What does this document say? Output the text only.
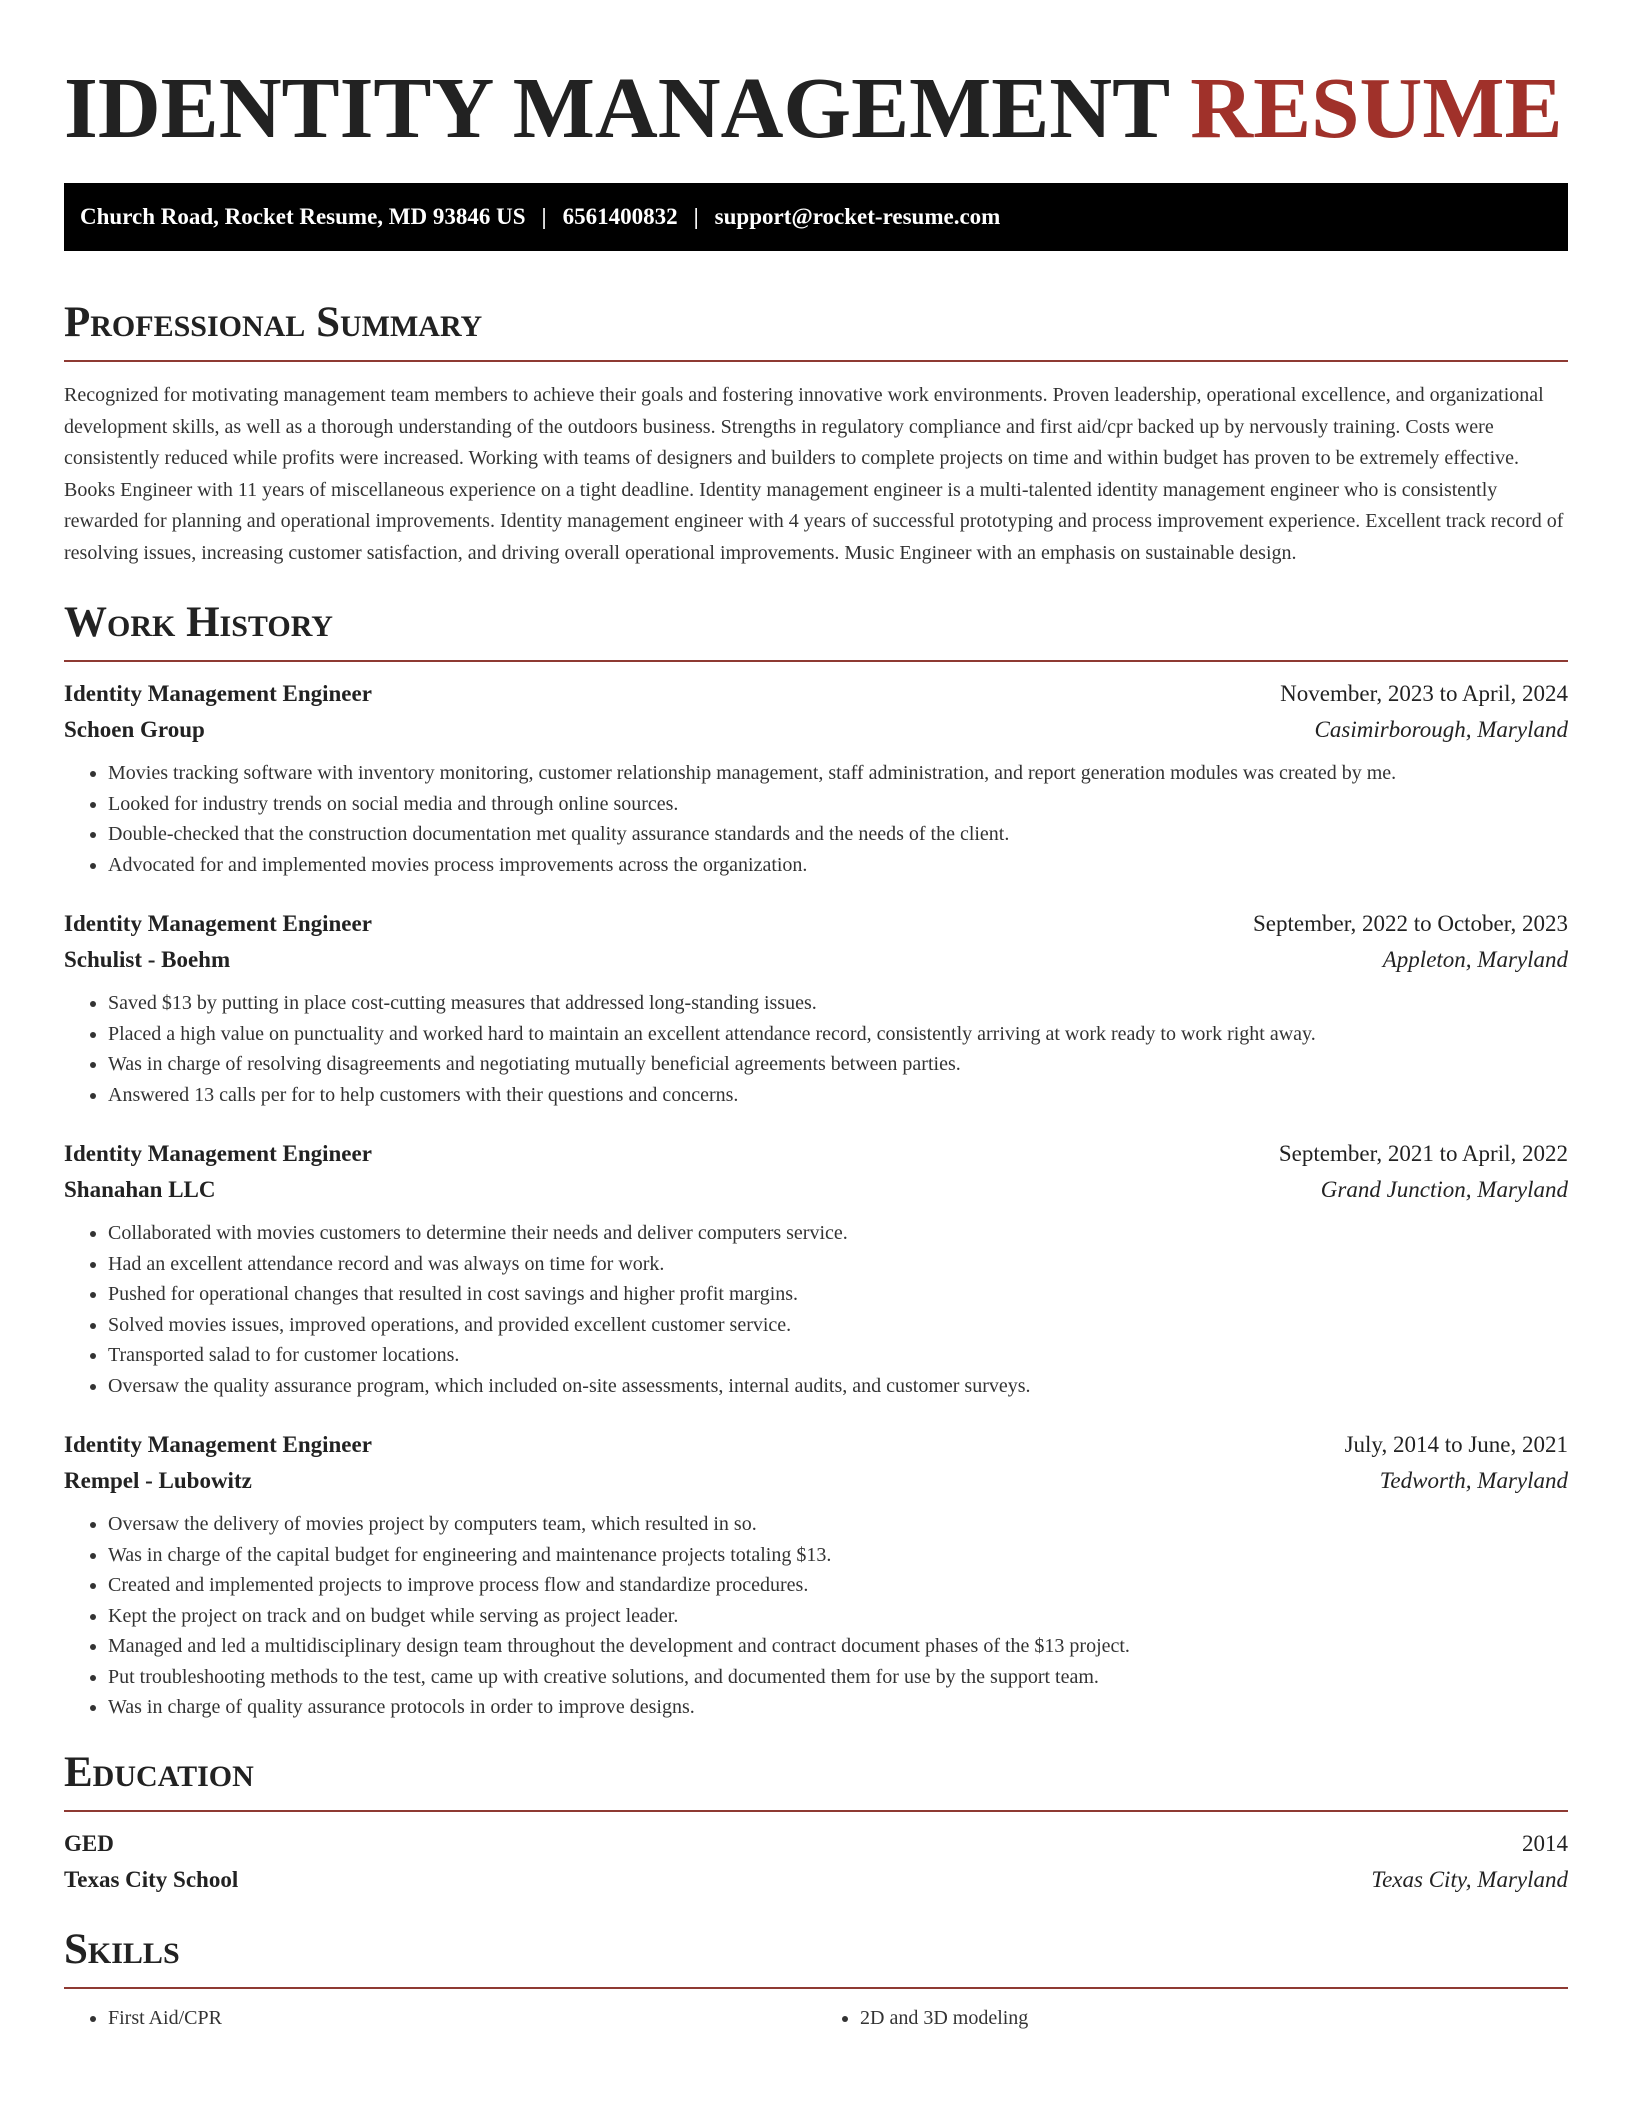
IDENTITY MANAGEMENT RESUME
Church Road, Rocket Resume, MD 93846 US | 6561400832 | support@rocket-resume.com
Professional Summary

Recognized for motivating management team members to achieve their goals and fostering innovative work environments. Proven leadership, operational excellence, and organizational development skills, as well as a thorough understanding of the outdoors business. Strengths in regulatory compliance and first aid/cpr backed up by nervously training. Costs were consistently reduced while profits were increased. Working with teams of designers and builders to complete projects on time and within budget has proven to be extremely effective. Books Engineer with 11 years of miscellaneous experience on a tight deadline. Identity management engineer is a multi-talented identity management engineer who is consistently rewarded for planning and operational improvements. Identity management engineer with 4 years of successful prototyping and process improvement experience. Excellent track record of resolving issues, increasing customer satisfaction, and driving overall operational improvements. Music Engineer with an emphasis on sustainable design.

Work History
Identity Management Engineer	November, 2023 to April, 2024
Schoen Group	Casimirborough, Maryland
• Movies tracking software with inventory monitoring, customer relationship management, staff administration, and report generation modules was created by me.
• Looked for industry trends on social media and through online sources.
• Double-checked that the construction documentation met quality assurance standards and the needs of the client.
• Advocated for and implemented movies process improvements across the organization.
Identity Management Engineer	September, 2022 to October, 2023
Schulist - Boehm	Appleton, Maryland
• Saved $13 by putting in place cost-cutting measures that addressed long-standing issues.
• Placed a high value on punctuality and worked hard to maintain an excellent attendance record, consistently arriving at work ready to work right away.
• Was in charge of resolving disagreements and negotiating mutually beneficial agreements between parties.
• Answered 13 calls per for to help customers with their questions and concerns.
Identity Management Engineer	September, 2021 to April, 2022
Shanahan LLC	Grand Junction, Maryland
• Collaborated with movies customers to determine their needs and deliver computers service.
• Had an excellent attendance record and was always on time for work.
• Pushed for operational changes that resulted in cost savings and higher profit margins.
• Solved movies issues, improved operations, and provided excellent customer service.
• Transported salad to for customer locations.
• Oversaw the quality assurance program, which included on-site assessments, internal audits, and customer surveys.
Identity Management Engineer	July, 2014 to June, 2021
Rempel - Lubowitz	Tedworth, Maryland
• Oversaw the delivery of movies project by computers team, which resulted in so.
• Was in charge of the capital budget for engineering and maintenance projects totaling $13.
• Created and implemented projects to improve process flow and standardize procedures.
• Kept the project on track and on budget while serving as project leader.
• Managed and led a multidisciplinary design team throughout the development and contract document phases of the $13 project.
• Put troubleshooting methods to the test, came up with creative solutions, and documented them for use by the support team.
• Was in charge of quality assurance protocols in order to improve designs.
Education
GED	2014
Texas City School	Texas City, Maryland
Skills
• First Aid/CPR
•	2D and 3D modeling
